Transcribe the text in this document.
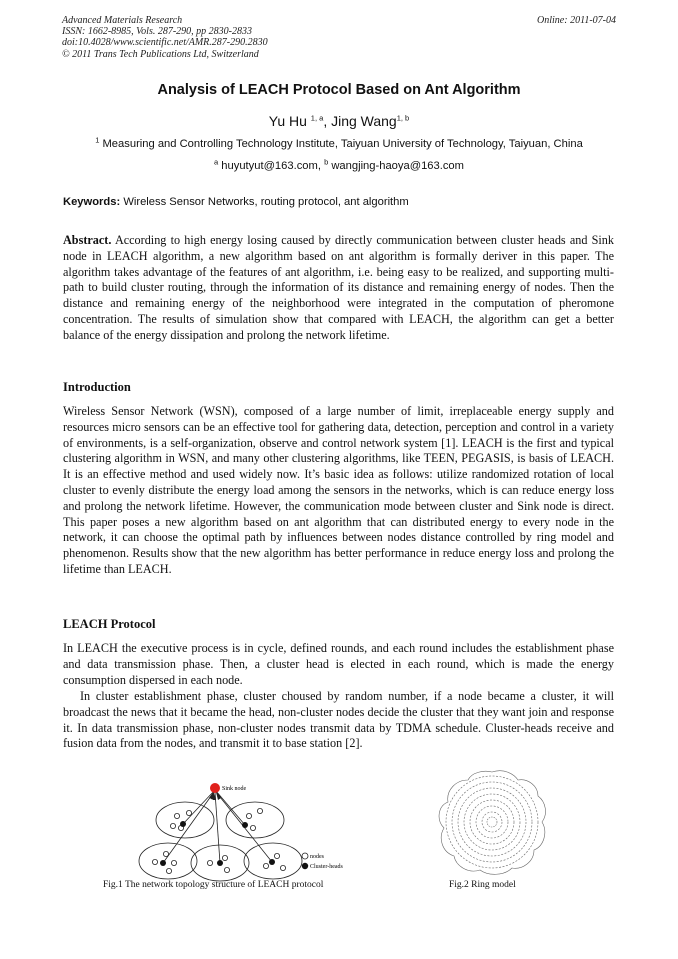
Advanced Materials Research
ISSN: 1662-8985, Vols. 287-290, pp 2830-2833
doi:10.4028/www.scientific.net/AMR.287-290.2830
© 2011 Trans Tech Publications Ltd, Switzerland
Online: 2011-07-04
Analysis of LEACH Protocol Based on Ant Algorithm
Yu Hu $^{1, a}$, Jing Wang$^{1, b}$
$^1$ Measuring and Controlling Technology Institute, Taiyuan University of Technology, Taiyuan, China
$^a$ huyutyut@163.com, $^b$ wangjing-haoya@163.com
Keywords: Wireless Sensor Networks, routing protocol, ant algorithm
Abstract. According to high energy losing caused by directly communication between cluster heads and Sink node in LEACH algorithm, a new algorithm based on ant algorithm is formally deriver in this paper. The algorithm takes advantage of the features of ant algorithm, i.e. being easy to be realized, and supporting multi-path to build cluster routing, through the information of its distance and remaining energy of nodes. Then the distance and remaining energy of the neighborhood were integrated in the computation of pheromone concentration. The results of simulation show that compared with LEACH, the algorithm can get a better balance of the energy dissipation and prolong the network lifetime.
Introduction
Wireless Sensor Network (WSN), composed of a large number of limit, irreplaceable energy supply and resources micro sensors can be an effective tool for gathering data, detection, perception and control in a variety of environments, is a self-organization, observe and control network system [1]. LEACH is the first and typical clustering algorithm in WSN, and many other clustering algorithms, like TEEN, PEGASIS, is basis of LEACH. It is an effective method and used widely now. It’s basic idea as follows: utilize randomized rotation of local cluster to evenly distribute the energy load among the sensors in the networks, which is can reduce energy loss and prolong the network lifetime. However, the communication mode between cluster and Sink node is direct. This paper poses a new algorithm based on ant algorithm that can distributed energy to every node in the network, it can choose the optimal path by influences between nodes distance controlled by ring model and phenomenon. Results show that the new algorithm has better performance in reduce energy loss and prolong the lifetime than LEACH.
LEACH Protocol
In LEACH the executive process is in cycle, defined rounds, and each round includes the establishment phase and data transmission phase. Then, a cluster head is elected in each round, which is made the energy consumption dispersed in each node.
In cluster establishment phase, cluster choused by random number, if a node became a cluster, it will broadcast the news that it became the head, non-cluster nodes decide the cluster that they want join and response it. In data transmission phase, non-cluster nodes transmit data by TDMA schedule. Cluster-heads receive and fusion data from the nodes, and transmit it to base station [2].
Sink node
nodes
Cluster-heads
Fig.1 The network topology structure of LEACH protocol	Fig.2 Ring model
